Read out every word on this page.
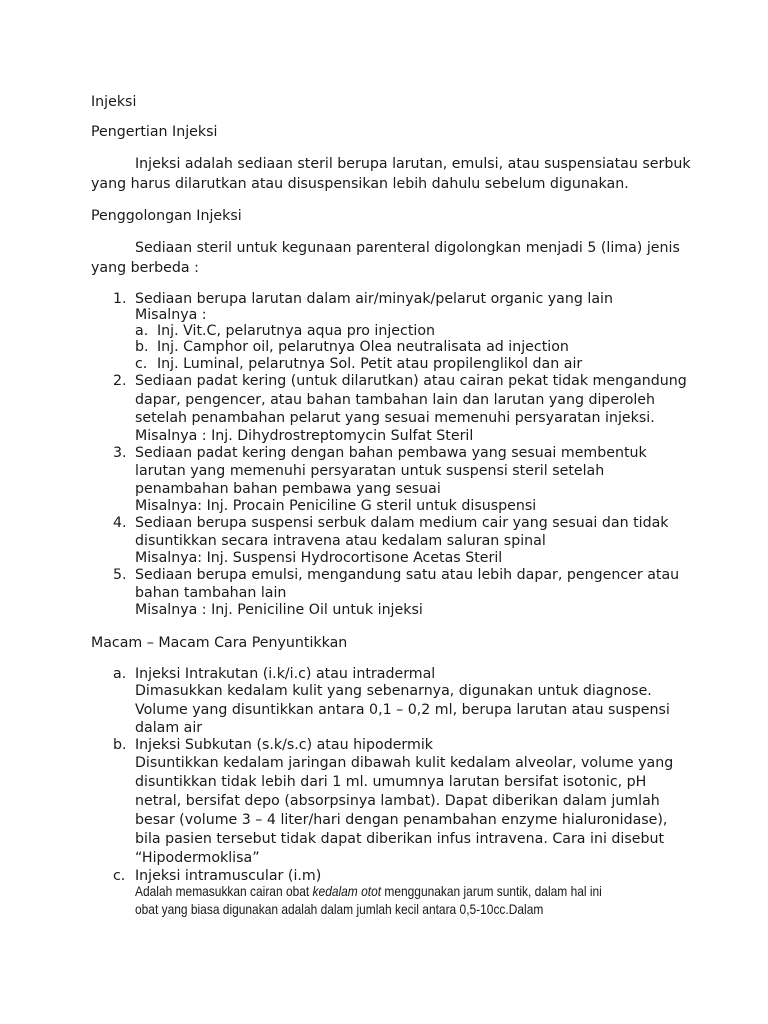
Injeksi
Pengertian Injeksi
Injeksi adalah sediaan steril berupa larutan, emulsi, atau suspensiatau serbuk
yang harus dilarutkan atau disuspensikan lebih dahulu sebelum digunakan.
Penggolongan Injeksi
Sediaan steril untuk kegunaan parenteral digolongkan menjadi 5 (lima) jenis
yang berbeda :
1. Sediaan berupa larutan dalam air/minyak/pelarut organic yang lain
Misalnya :
a. Inj. Vit.C, pelarutnya aqua pro injection
b. Inj. Camphor oil, pelarutnya Olea neutralisata ad injection
c. Inj. Luminal, pelarutnya Sol. Petit atau propilenglikol dan air
2. Sediaan padat kering (untuk dilarutkan) atau cairan pekat tidak mengandung
dapar, pengencer, atau bahan tambahan lain dan larutan yang diperoleh
setelah penambahan pelarut yang sesuai memenuhi persyaratan injeksi.
Misalnya : Inj. Dihydrostreptomycin Sulfat Steril
3. Sediaan padat kering dengan bahan pembawa yang sesuai membentuk
larutan yang memenuhi persyaratan untuk suspensi steril setelah
penambahan bahan pembawa yang sesuai
Misalnya: Inj. Procain Peniciline G steril untuk disuspensi
4. Sediaan berupa suspensi serbuk dalam medium cair yang sesuai dan tidak
disuntikkan secara intravena atau kedalam saluran spinal
Misalnya: Inj. Suspensi Hydrocortisone Acetas Steril
5. Sediaan berupa emulsi, mengandung satu atau lebih dapar, pengencer atau
bahan tambahan lain
Misalnya : Inj. Peniciline Oil untuk injeksi
Macam – Macam Cara Penyuntikkan
a. Injeksi Intrakutan (i.k/i.c) atau intradermal
Dimasukkan kedalam kulit yang sebenarnya, digunakan untuk diagnose.
Volume yang disuntikkan antara 0,1 – 0,2 ml, berupa larutan atau suspensi
dalam air
b. Injeksi Subkutan (s.k/s.c) atau hipodermik
Disuntikkan kedalam jaringan dibawah kulit kedalam alveolar, volume yang
disuntikkan tidak lebih dari 1 ml. umumnya larutan bersifat isotonic, pH
netral, bersifat depo (absorpsinya lambat). Dapat diberikan dalam jumlah
besar (volume 3 – 4 liter/hari dengan penambahan enzyme hialuronidase),
bila pasien tersebut tidak dapat diberikan infus intravena. Cara ini disebut
“Hipodermoklisa”
c. Injeksi intramuscular (i.m)
Adalah memasukkan cairan obat kedalam otot menggunakan jarum suntik, dalam hal ini
obat yang biasa digunakan adalah dalam jumlah kecil antara 0,5-10cc.Dalam
